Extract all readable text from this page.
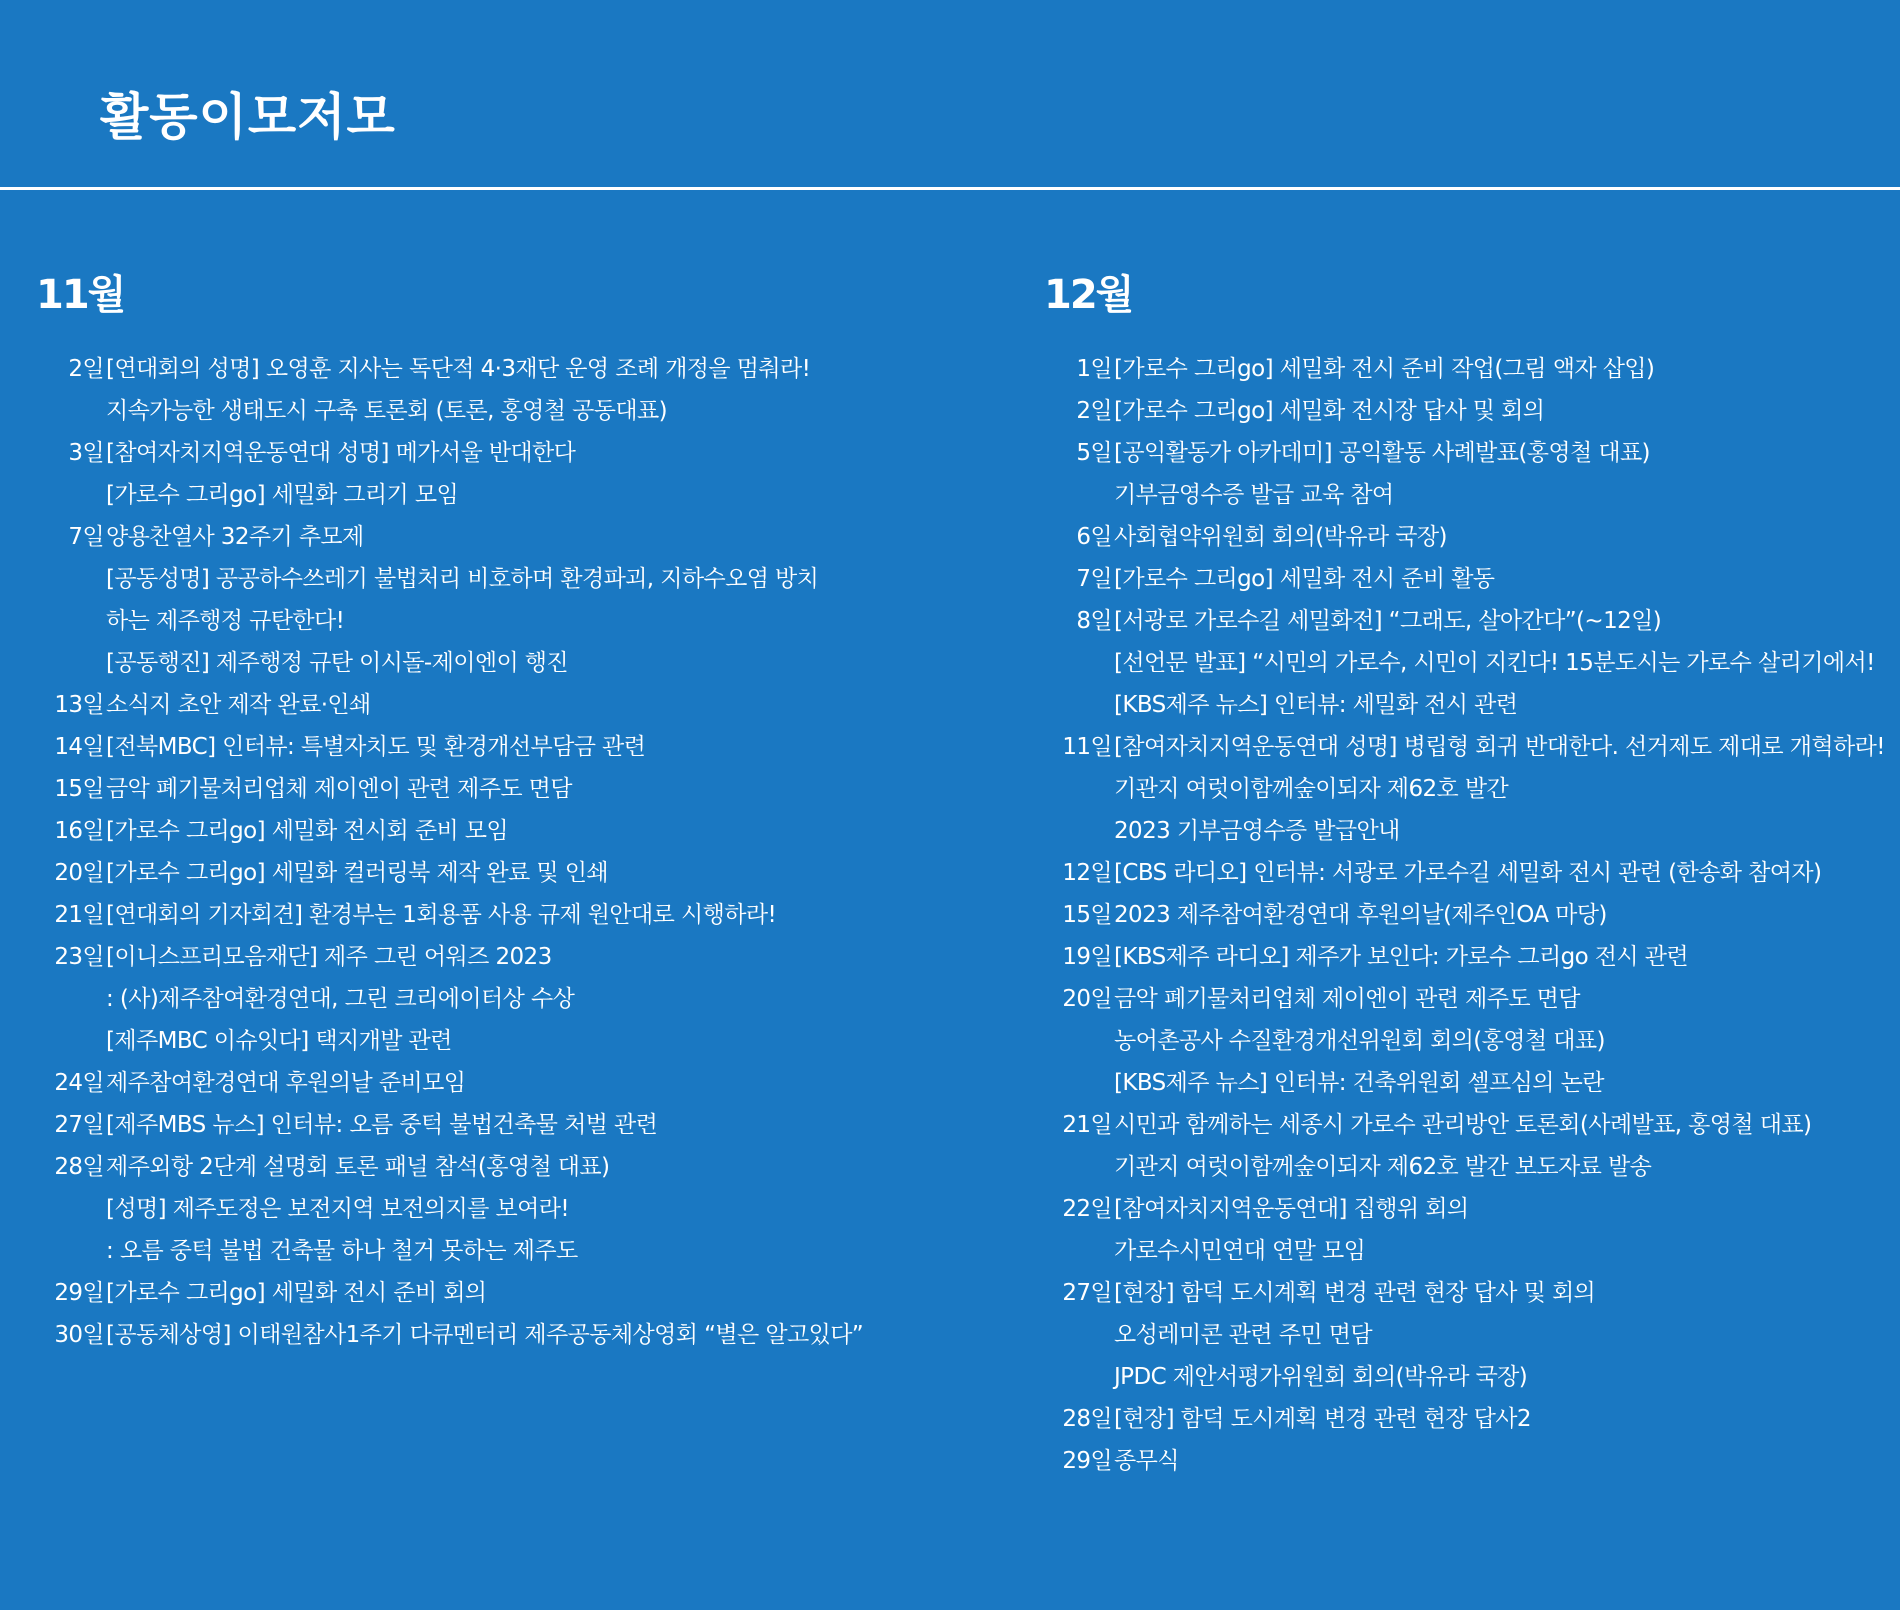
활동이모저모
11월
2일 [연대회의 성명] 오영훈 지사는 독단적 4·3재단 운영 조례 개정을 멈춰라!
지속가능한 생태도시 구축 토론회 (토론, 홍영철 공동대표)
3일 [참여자치지역운동연대 성명] 메가서울 반대한다
[가로수 그리go] 세밀화 그리기 모임
7일 양용찬열사 32주기 추모제
[공동성명] 공공하수쓰레기 불법처리 비호하며 환경파괴, 지하수오염 방치
하는 제주행정 규탄한다!
[공동행진] 제주행정 규탄 이시돌-제이엔이 행진
13일 소식지 초안 제작 완료·인쇄
14일 [전북MBC] 인터뷰: 특별자치도 및 환경개선부담금 관련
15일 금악 폐기물처리업체 제이엔이 관련 제주도 면담
16일 [가로수 그리go] 세밀화 전시회 준비 모임
20일 [가로수 그리go] 세밀화 컬러링북 제작 완료 및 인쇄
21일 [연대회의 기자회견] 환경부는 1회용품 사용 규제 원안대로 시행하라!
23일 [이니스프리모음재단] 제주 그린 어워즈 2023
: (사)제주참여환경연대, 그린 크리에이터상 수상
[제주MBC 이슈잇다] 택지개발 관련
24일 제주참여환경연대 후원의날 준비모임
27일 [제주MBS 뉴스] 인터뷰: 오름 중턱 불법건축물 처벌 관련
28일 제주외항 2단계 설명회 토론 패널 참석(홍영철 대표)
[성명] 제주도정은 보전지역 보전의지를 보여라!
: 오름 중턱 불법 건축물 하나 철거 못하는 제주도
29일 [가로수 그리go] 세밀화 전시 준비 회의
30일 [공동체상영] 이태원참사1주기 다큐멘터리 제주공동체상영회 “별은 알고있다”
12월
1일 [가로수 그리go] 세밀화 전시 준비 작업(그림 액자 삽입)
2일 [가로수 그리go] 세밀화 전시장 답사 및 회의
5일 [공익활동가 아카데미] 공익활동 사례발표(홍영철 대표)
기부금영수증 발급 교육 참여
6일 사회협약위원회 회의(박유라 국장)
7일 [가로수 그리go] 세밀화 전시 준비 활동
8일 [서광로 가로수길 세밀화전] “그래도, 살아간다”(~12일)
[선언문 발표] “시민의 가로수, 시민이 지킨다! 15분도시는 가로수 살리기에서!
[KBS제주 뉴스] 인터뷰: 세밀화 전시 관련
11일 [참여자치지역운동연대 성명] 병립형 회귀 반대한다. 선거제도 제대로 개혁하라!
기관지 여럿이함께숲이되자 제62호 발간
2023 기부금영수증 발급안내
12일 [CBS 라디오] 인터뷰: 서광로 가로수길 세밀화 전시 관련 (한송화 참여자)
15일 2023 제주참여환경연대 후원의날(제주인OA 마당)
19일 [KBS제주 라디오] 제주가 보인다: 가로수 그리go 전시 관련
20일 금악 폐기물처리업체 제이엔이 관련 제주도 면담
농어촌공사 수질환경개선위원회 회의(홍영철 대표)
[KBS제주 뉴스] 인터뷰: 건축위원회 셀프심의 논란
21일 시민과 함께하는 세종시 가로수 관리방안 토론회(사례발표, 홍영철 대표)
기관지 여럿이함께숲이되자 제62호 발간 보도자료 발송
22일 [참여자치지역운동연대] 집행위 회의
가로수시민연대 연말 모임
27일 [현장] 함덕 도시계획 변경 관련 현장 답사 및 회의
오성레미콘 관련 주민 면담
JPDC 제안서평가위원회 회의(박유라 국장)
28일 [현장] 함덕 도시계획 변경 관련 현장 답사2
29일 종무식
